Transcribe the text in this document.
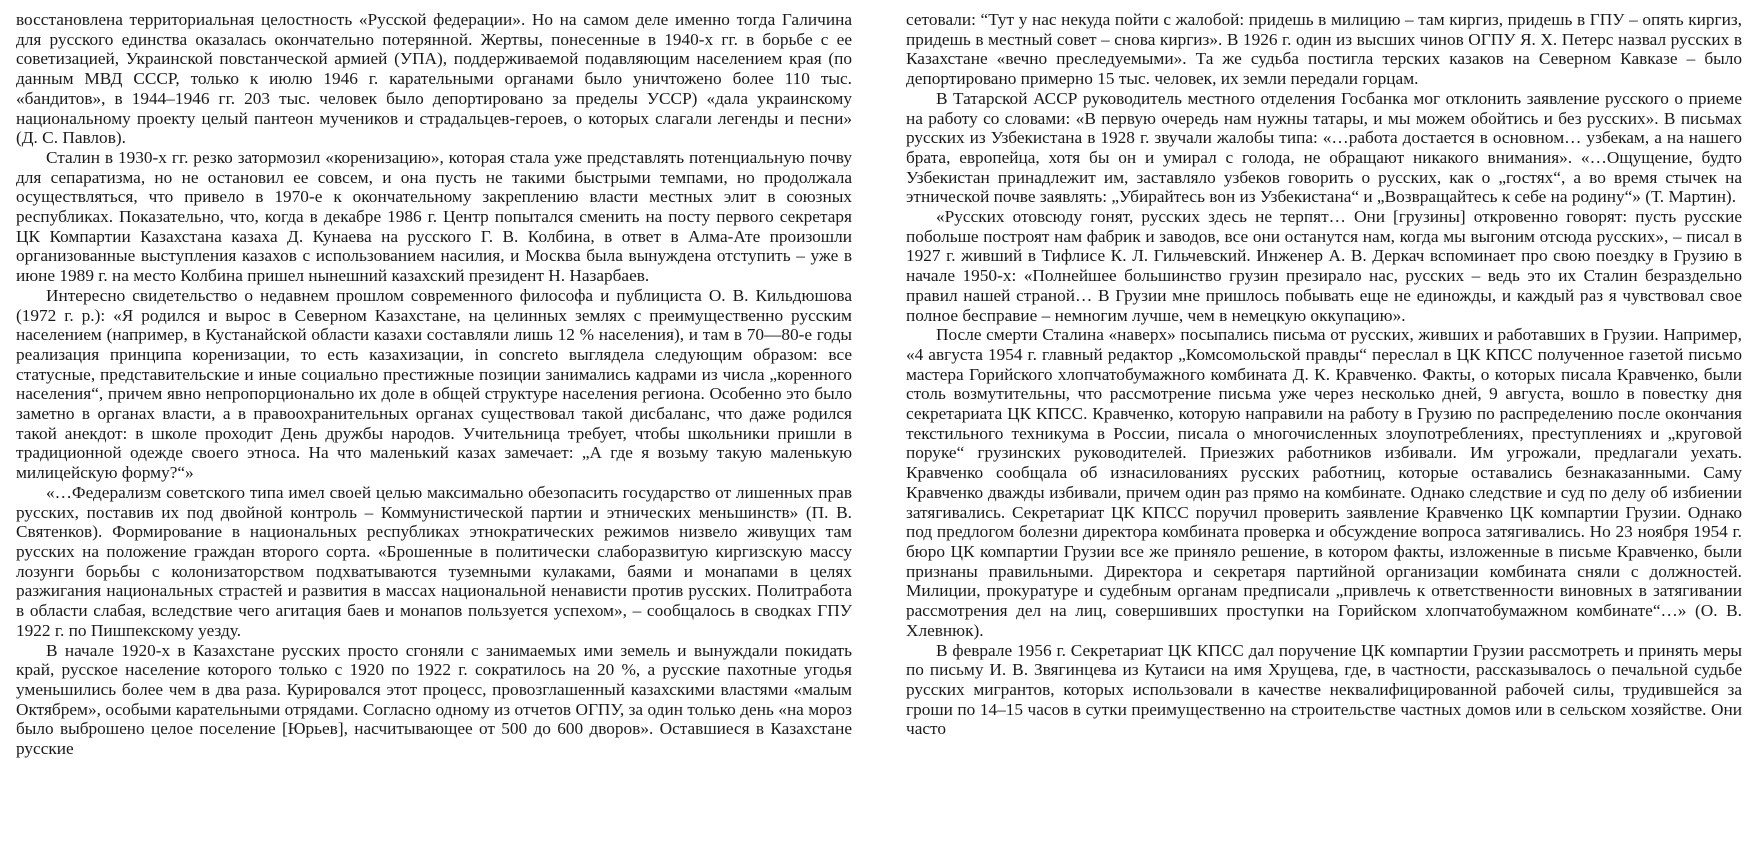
восстановлена территориальная целостность «Русской федерации». Но на самом деле именно тогда Галичина для русского единства оказалась окончательно потерянной. Жертвы, понесенные в 1940-х гг. в борьбе с ее советизацией, Украинской повстанческой армией (УПА), поддерживаемой подавляющим населением края (по данным МВД СССР, только к июлю 1946 г. карательными органами было уничтожено более 110 тыс. «бандитов», в 1944–1946 гг. 203 тыс. человек было депортировано за пределы УССР) «дала украинскому национальному проекту целый пантеон мучеников и страдальцев-героев, о которых слагали легенды и песни» (Д. С. Павлов).

Сталин в 1930-х гг. резко затормозил «коренизацию», которая стала уже представлять потенциальную почву для сепаратизма, но не остановил ее совсем, и она пусть не такими быстрыми темпами, но продолжала осуществляться, что привело в 1970-е к окончательному закреплению власти местных элит в союзных республиках. Показательно, что, когда в декабре 1986 г. Центр попытался сменить на посту первого секретаря ЦК Компартии Казахстана казаха Д. Кунаева на русского Г. В. Колбина, в ответ в Алма-Ате произошли организованные выступления казахов с использованием насилия, и Москва была вынуждена отступить – уже в июне 1989 г. на место Колбина пришел нынешний казахский президент Н. Назарбаев.

Интересно свидетельство о недавнем прошлом современного философа и публициста О. В. Кильдюшова (1972 г. р.): «Я родился и вырос в Северном Казахстане, на целинных землях с преимущественно русским населением (например, в Кустанайской области казахи составляли лишь 12 % населения), и там в 70—80-е годы реализация принципа коренизации, то есть казахизации, in concreto выглядела следующим образом: все статусные, представительские и иные социально престижные позиции занимались кадрами из числа „коренного населения“, причем явно непропорционально их доле в общей структуре населения региона. Особенно это было заметно в органах власти, а в правоохранительных органах существовал такой дисбаланс, что даже родился такой анекдот: в школе проходит День дружбы народов. Учительница требует, чтобы школьники пришли в традиционной одежде своего этноса. На что маленький казах замечает: „А где я возьму такую маленькую милицейскую форму?“»

«…Федерализм советского типа имел своей целью максимально обезопасить государство от лишенных прав русских, поставив их под двойной контроль – Коммунистической партии и этнических меньшинств» (П. В. Святенков). Формирование в национальных республиках этнократических режимов низвело живущих там русских на положение граждан второго сорта. «Брошенные в политически слаборазвитую киргизскую массу лозунги борьбы с колонизаторством подхватываются туземными кулаками, баями и монапами в целях разжигания национальных страстей и развития в массах национальной ненависти против русских. Политработа в области слабая, вследствие чего агитация баев и монапов пользуется успехом», – сообщалось в сводках ГПУ 1922 г. по Пишпекскому уезду.

В начале 1920-х в Казахстане русских просто сгоняли с занимаемых ими земель и вынуждали покидать край, русское население которого только с 1920 по 1922 г. сократилось на 20 %, а русские пахотные угодья уменьшились более чем в два раза. Курировался этот процесс, провозглашенный казахскими властями «малым Октябрем», особыми карательными отрядами. Согласно одному из отчетов ОГПУ, за один только день «на мороз было выброшено целое поселение [Юрьев], насчитывающее от 500 до 600 дворов». Оставшиеся в Казахстане русские

сетовали: “Тут у нас некуда пойти с жалобой: придешь в милицию – там киргиз, придешь в ГПУ – опять киргиз, придешь в местный совет – снова киргиз». В 1926 г. один из высших чинов ОГПУ Я. Х. Петерс назвал русских в Казахстане «вечно преследуемыми». Та же судьба постигла терских казаков на Северном Кавказе – было депортировано примерно 15 тыс. человек, их земли передали горцам.

В Татарской АССР руководитель местного отделения Госбанка мог отклонить заявление русского о приеме на работу со словами: «В первую очередь нам нужны татары, и мы можем обойтись и без русских». В письмах русских из Узбекистана в 1928 г. звучали жалобы типа: «…работа достается в основном… узбекам, а на нашего брата, европейца, хотя бы он и умирал с голода, не обращают никакого внимания». «…Ощущение, будто Узбекистан принадлежит им, заставляло узбеков говорить о русских, как о „гостях“, а во время стычек на этнической почве заявлять: „Убирайтесь вон из Узбекистана“ и „Возвращайтесь к себе на родину“» (Т. Мартин).

«Русских отовсюду гонят, русских здесь не терпят… Они [грузины] откровенно говорят: пусть русские побольше построят нам фабрик и заводов, все они останутся нам, когда мы выгоним отсюда русских», – писал в 1927 г. живший в Тифлисе К. Л. Гильчевский. Инженер А. В. Деркач вспоминает про свою поездку в Грузию в начале 1950-х: «Полнейшее большинство грузин презирало нас, русских – ведь это их Сталин безраздельно правил нашей страной… В Грузии мне пришлось побывать еще не единожды, и каждый раз я чувствовал свое полное бесправие – немногим лучше, чем в немецкую оккупацию».

После смерти Сталина «наверх» посыпались письма от русских, живших и работавших в Грузии. Например, «4 августа 1954 г. главный редактор „Комсомольской правды“ переслал в ЦК КПСС полученное газетой письмо мастера Горийского хлопчатобумажного комбината Д. К. Кравченко. Факты, о которых писала Кравченко, были столь возмутительны, что рассмотрение письма уже через несколько дней, 9 августа, вошло в повестку дня секретариата ЦК КПСС. Кравченко, которую направили на работу в Грузию по распределению после окончания текстильного техникума в России, писала о многочисленных злоупотреблениях, преступлениях и „круговой поруке“ грузинских руководителей. Приезжих работников избивали. Им угрожали, предлагали уехать. Кравченко сообщала об изнасилованиях русских работниц, которые оставались безнаказанными. Саму Кравченко дважды избивали, причем один раз прямо на комбинате. Однако следствие и суд по делу об избиении затягивались. Секретариат ЦК КПСС поручил проверить заявление Кравченко ЦК компартии Грузии. Однако под предлогом болезни директора комбината проверка и обсуждение вопроса затягивались. Но 23 ноября 1954 г. бюро ЦК компартии Грузии все же приняло решение, в котором факты, изложенные в письме Кравченко, были признаны правильными. Директора и секретаря партийной организации комбината сняли с должностей. Милиции, прокуратуре и судебным органам предписали „привлечь к ответственности виновных в затягивании рассмотрения дел на лиц, совершивших проступки на Горийском хлопчатобумажном комбинате“…» (О. В. Хлевнюк).

В феврале 1956 г. Секретариат ЦК КПСС дал поручение ЦК компартии Грузии рассмотреть и принять меры по письму И. В. Звягинцева из Кутаиси на имя Хрущева, где, в частности, рассказывалось о печальной судьбе русских мигрантов, которых использовали в качестве неквалифицированной рабочей силы, трудившейся за гроши по 14–15 часов в сутки преимущественно на строительстве частных домов или в сельском хозяйстве. Они часто
